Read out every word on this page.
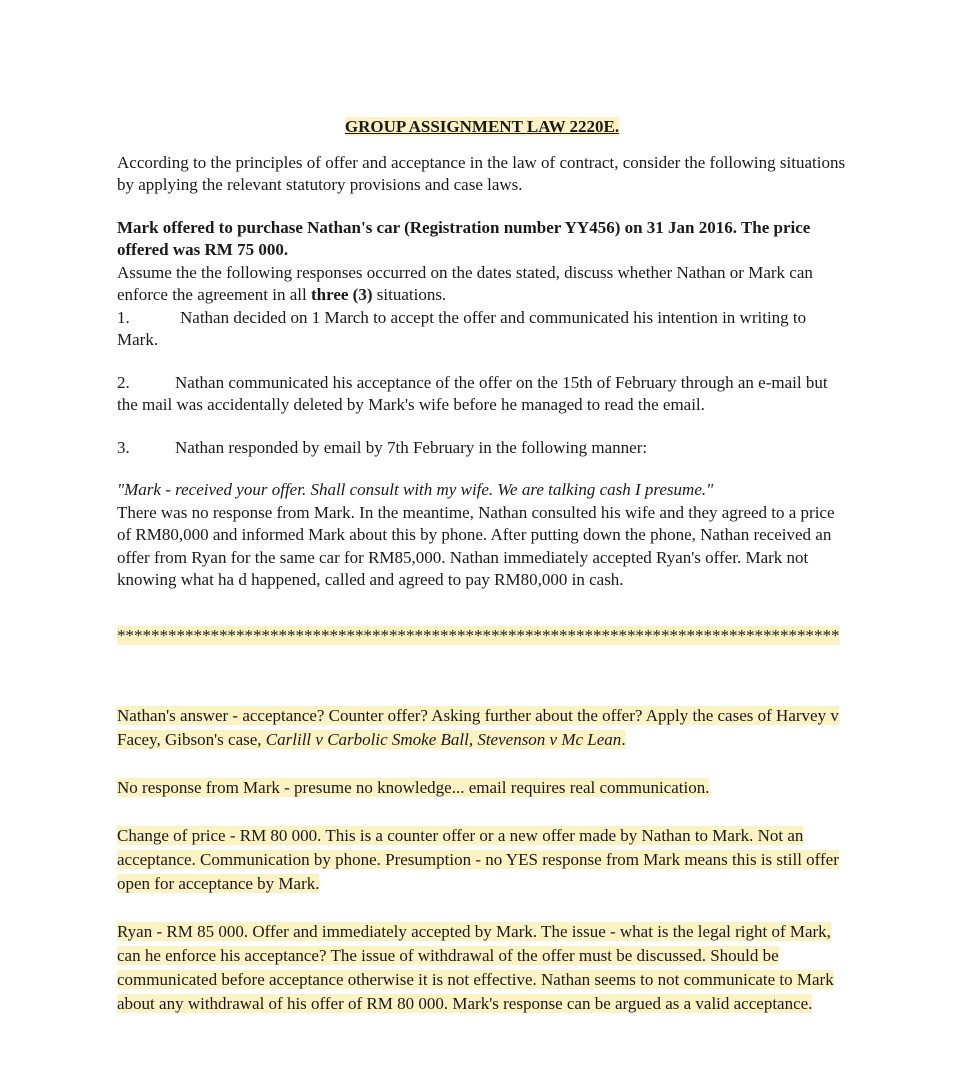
GROUP ASSIGNMENT LAW 2220E.

According to the principles of offer and acceptance in the law of contract, consider the following situations by applying the relevant statutory provisions and case laws.

Mark offered to purchase Nathan's car (Registration number YY456) on 31 Jan 2016. The price offered was RM 75 000.

Assume the the following responses occurred on the dates stated, discuss whether Nathan or Mark can enforce the agreement in all three (3) situations.

1.	Nathan decided on 1 March to accept the offer and communicated his intention in writing to Mark.

2.	Nathan communicated his acceptance of the offer on the 15th of February through an e-mail but the mail was accidentally deleted by Mark's wife before he managed to read the email.

3.	Nathan responded by email by 7th February in the following manner:

"Mark - received your offer. Shall consult with my wife. We are talking cash I presume."

There was no response from Mark. In the meantime, Nathan consulted his wife and they agreed to a price of RM80,000 and informed Mark about this by phone. After putting down the phone, Nathan received an offer from Ryan for the same car for RM85,000. Nathan immediately accepted Ryan's offer. Mark not knowing what ha d happened, called and agreed to pay RM80,000 in cash.

*************************************************************************************

Nathan's answer - acceptance? Counter offer? Asking further about the offer? Apply the cases of Harvey v Facey, Gibson's case, Carlill v Carbolic Smoke Ball, Stevenson v Mc Lean.

No response from Mark - presume no knowledge... email requires real communication.

Change of price - RM 80 000. This is a counter offer or a new offer made by Nathan to Mark. Not an acceptance. Communication by phone. Presumption - no YES response from Mark means this is still offer open for acceptance by Mark.

Ryan - RM 85 000. Offer and immediately accepted by Mark. The issue - what is the legal right of Mark, can he enforce his acceptance? The issue of withdrawal of the offer must be discussed. Should be communicated before acceptance otherwise it is not effective. Nathan seems to not communicate to Mark about any withdrawal of his offer of RM 80 000. Mark's response can be argued as a valid acceptance.
